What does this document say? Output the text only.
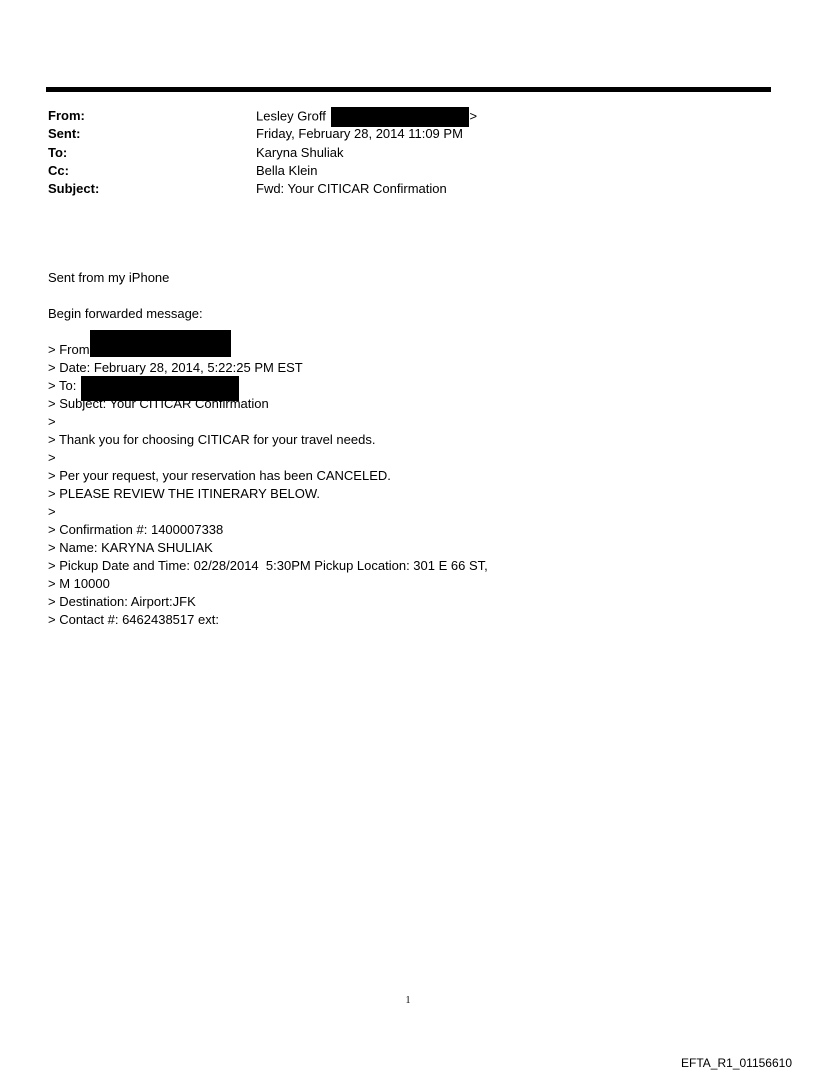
From:	Lesley Groff	>
Sent:	Friday, February 28, 2014 11:09 PM
To:	Karyna Shuliak
Cc:	Bella Klein
Subject:	Fwd: Your CITICAR Confirmation
Sent from my iPhone
Begin forwarded message:
> From
> Date: February 28, 2014, 5:22:25 PM EST
> To:
> Subject: Your CITICAR Confirmation
>
> Thank you for choosing CITICAR for your travel needs.
>
> Per your request, your reservation has been CANCELED.
> PLEASE REVIEW THE ITINERARY BELOW.
>
> Confirmation #: 1400007338
> Name: KARYNA SHULIAK
> Pickup Date and Time: 02/28/2014  5:30PM Pickup Location: 301 E 66 ST,
> M 10000
> Destination: Airport:JFK
> Contact #: 6462438517 ext:
1
EFTA_R1_01156610
